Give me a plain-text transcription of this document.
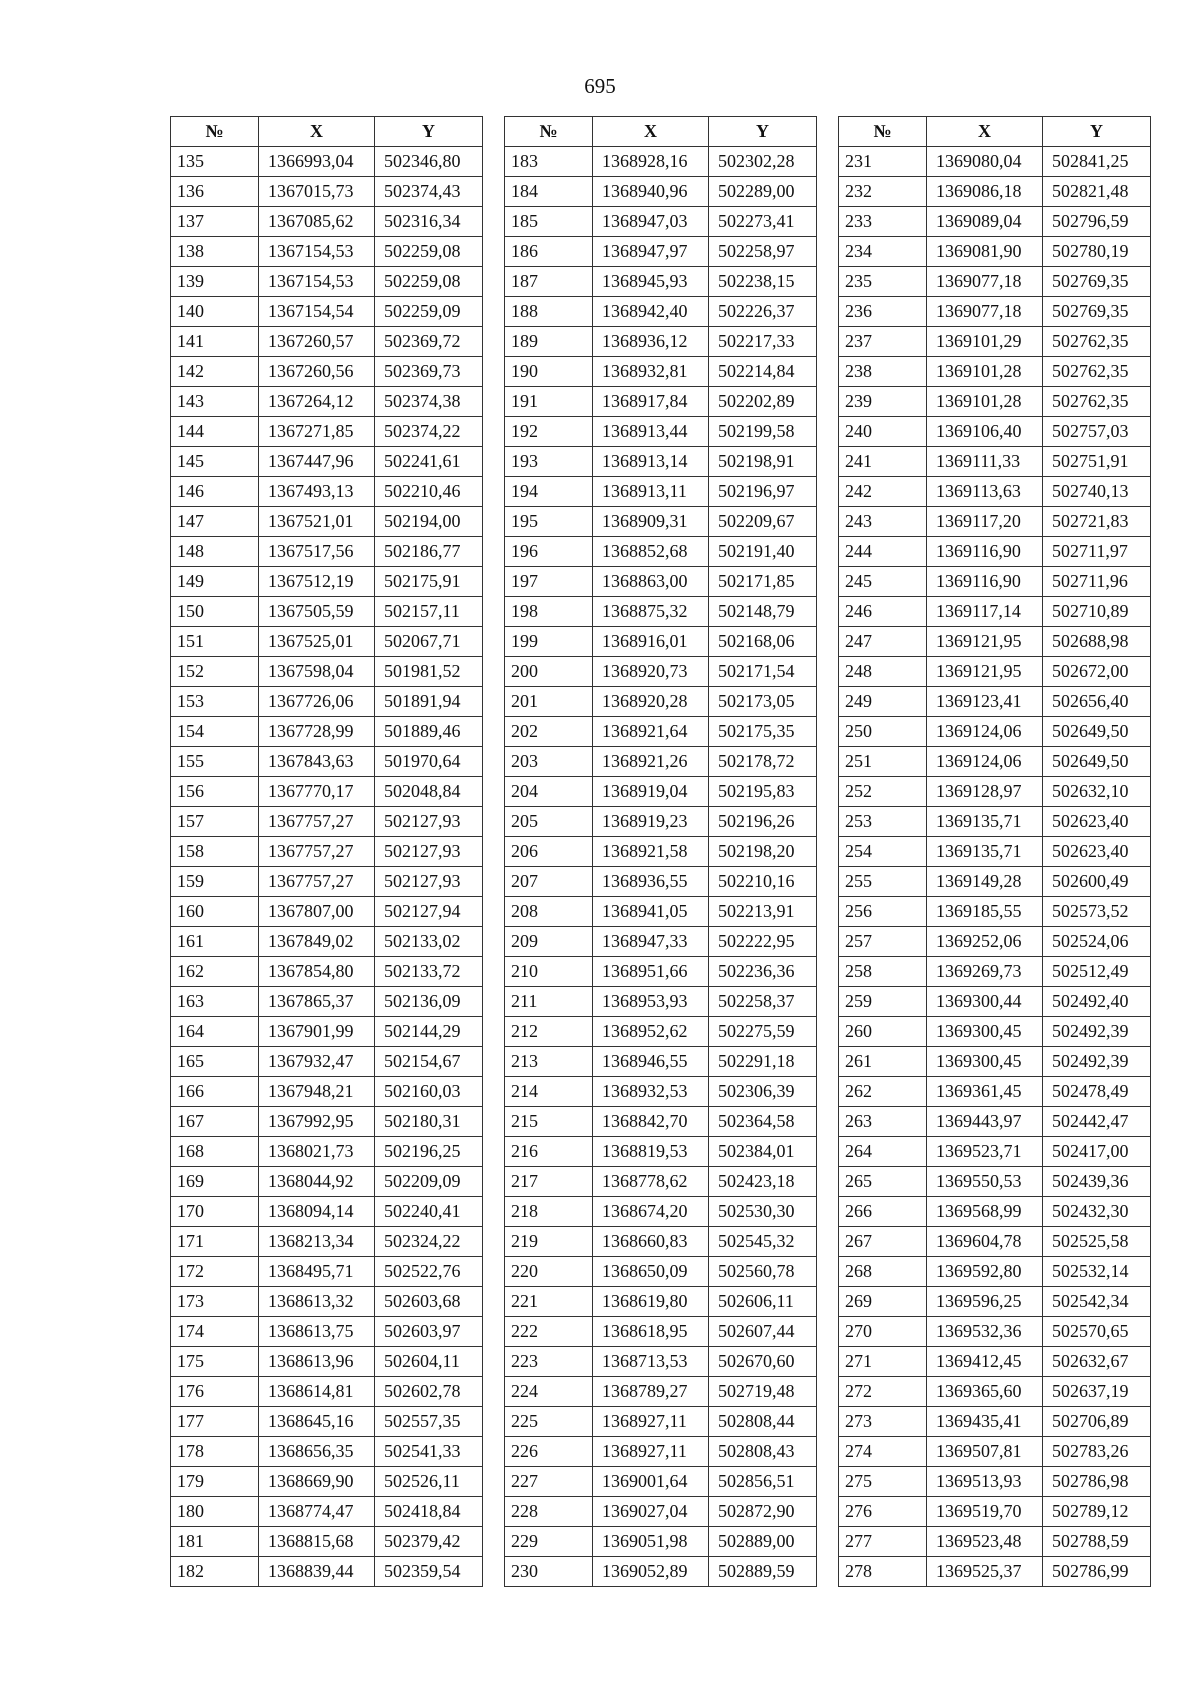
695
№	X	Y
135	1366993,04	502346,80
136	1367015,73	502374,43
137	1367085,62	502316,34
138	1367154,53	502259,08
139	1367154,53	502259,08
140	1367154,54	502259,09
141	1367260,57	502369,72
142	1367260,56	502369,73
143	1367264,12	502374,38
144	1367271,85	502374,22
145	1367447,96	502241,61
146	1367493,13	502210,46
147	1367521,01	502194,00
148	1367517,56	502186,77
149	1367512,19	502175,91
150	1367505,59	502157,11
151	1367525,01	502067,71
152	1367598,04	501981,52
153	1367726,06	501891,94
154	1367728,99	501889,46
155	1367843,63	501970,64
156	1367770,17	502048,84
157	1367757,27	502127,93
158	1367757,27	502127,93
159	1367757,27	502127,93
160	1367807,00	502127,94
161	1367849,02	502133,02
162	1367854,80	502133,72
163	1367865,37	502136,09
164	1367901,99	502144,29
165	1367932,47	502154,67
166	1367948,21	502160,03
167	1367992,95	502180,31
168	1368021,73	502196,25
169	1368044,92	502209,09
170	1368094,14	502240,41
171	1368213,34	502324,22
172	1368495,71	502522,76
173	1368613,32	502603,68
174	1368613,75	502603,97
175	1368613,96	502604,11
176	1368614,81	502602,78
177	1368645,16	502557,35
178	1368656,35	502541,33
179	1368669,90	502526,11
180	1368774,47	502418,84
181	1368815,68	502379,42
182	1368839,44	502359,54
№	X	Y
183	1368928,16	502302,28
184	1368940,96	502289,00
185	1368947,03	502273,41
186	1368947,97	502258,97
187	1368945,93	502238,15
188	1368942,40	502226,37
189	1368936,12	502217,33
190	1368932,81	502214,84
191	1368917,84	502202,89
192	1368913,44	502199,58
193	1368913,14	502198,91
194	1368913,11	502196,97
195	1368909,31	502209,67
196	1368852,68	502191,40
197	1368863,00	502171,85
198	1368875,32	502148,79
199	1368916,01	502168,06
200	1368920,73	502171,54
201	1368920,28	502173,05
202	1368921,64	502175,35
203	1368921,26	502178,72
204	1368919,04	502195,83
205	1368919,23	502196,26
206	1368921,58	502198,20
207	1368936,55	502210,16
208	1368941,05	502213,91
209	1368947,33	502222,95
210	1368951,66	502236,36
211	1368953,93	502258,37
212	1368952,62	502275,59
213	1368946,55	502291,18
214	1368932,53	502306,39
215	1368842,70	502364,58
216	1368819,53	502384,01
217	1368778,62	502423,18
218	1368674,20	502530,30
219	1368660,83	502545,32
220	1368650,09	502560,78
221	1368619,80	502606,11
222	1368618,95	502607,44
223	1368713,53	502670,60
224	1368789,27	502719,48
225	1368927,11	502808,44
226	1368927,11	502808,43
227	1369001,64	502856,51
228	1369027,04	502872,90
229	1369051,98	502889,00
230	1369052,89	502889,59
№	X	Y
231	1369080,04	502841,25
232	1369086,18	502821,48
233	1369089,04	502796,59
234	1369081,90	502780,19
235	1369077,18	502769,35
236	1369077,18	502769,35
237	1369101,29	502762,35
238	1369101,28	502762,35
239	1369101,28	502762,35
240	1369106,40	502757,03
241	1369111,33	502751,91
242	1369113,63	502740,13
243	1369117,20	502721,83
244	1369116,90	502711,97
245	1369116,90	502711,96
246	1369117,14	502710,89
247	1369121,95	502688,98
248	1369121,95	502672,00
249	1369123,41	502656,40
250	1369124,06	502649,50
251	1369124,06	502649,50
252	1369128,97	502632,10
253	1369135,71	502623,40
254	1369135,71	502623,40
255	1369149,28	502600,49
256	1369185,55	502573,52
257	1369252,06	502524,06
258	1369269,73	502512,49
259	1369300,44	502492,40
260	1369300,45	502492,39
261	1369300,45	502492,39
262	1369361,45	502478,49
263	1369443,97	502442,47
264	1369523,71	502417,00
265	1369550,53	502439,36
266	1369568,99	502432,30
267	1369604,78	502525,58
268	1369592,80	502532,14
269	1369596,25	502542,34
270	1369532,36	502570,65
271	1369412,45	502632,67
272	1369365,60	502637,19
273	1369435,41	502706,89
274	1369507,81	502783,26
275	1369513,93	502786,98
276	1369519,70	502789,12
277	1369523,48	502788,59
278	1369525,37	502786,99
